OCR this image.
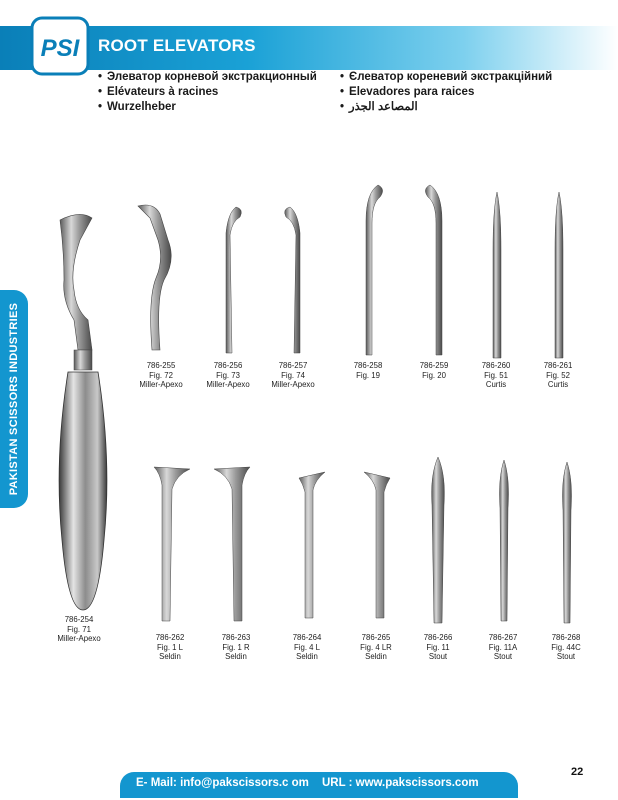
PSI ROOT ELEVATORS
• Элеватор корневой экстракционный
• Elévateurs à racines
• Wurzelheber
• Єлеватор кореневий экстракційний
• Elevadores para raices
• المصاعد الجذر
PAKISTAN SCISSORS INDUSTRIES
786-254
Fig. 71
Miller-Apexo
786-255
Fig. 72
Miller-Apexo
786-256
Fig. 73
Miller-Apexo
786-257
Fig. 74
Miller-Apexo
786-258
Fig. 19
786-259
Fig. 20
786-260
Fig. 51
Curtis
786-261
Fig. 52
Curtis
786-262
Fig. 1 L
Seldin
786-263
Fig. 1 R
Seldin
786-264
Fig. 4 L
Seldin
786-265
Fig. 4 LR
Seldin
786-266
Fig. 11
Stout
786-267
Fig. 11A
Stout
786-268
Fig. 44C
Stout
E- Mail: info@pakscissors.c om URL : www.pakscissors.com
22
